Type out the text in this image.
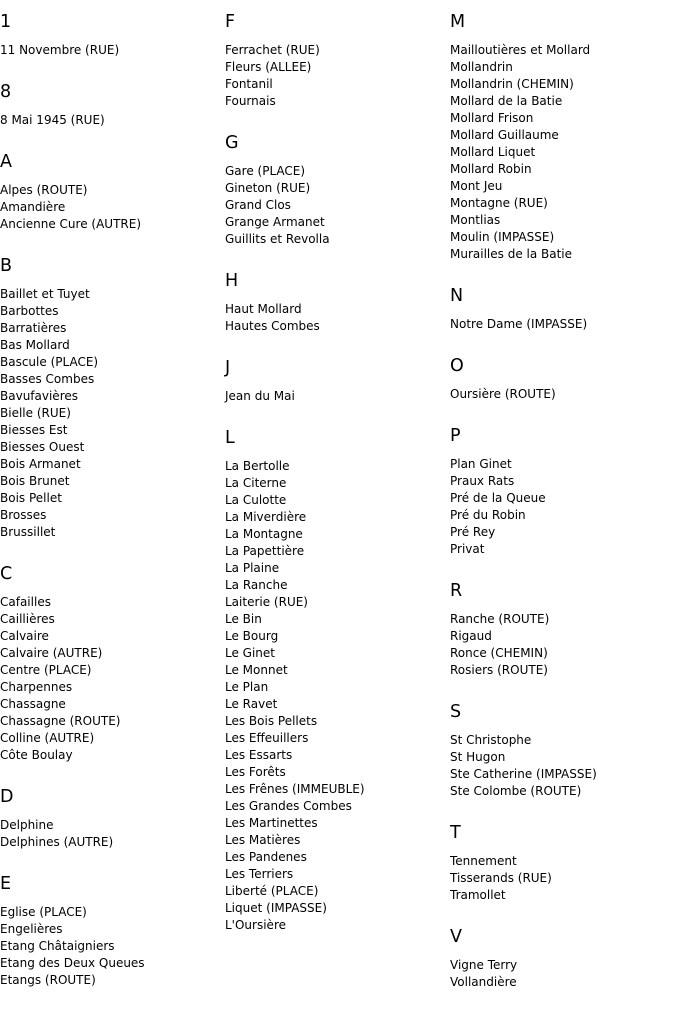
1
11 Novembre (RUE)
8
8 Mai 1945 (RUE)
A
Alpes (ROUTE)
Amandière
Ancienne Cure (AUTRE)
B
Baillet et Tuyet
Barbottes
Barratières
Bas Mollard
Bascule (PLACE)
Basses Combes
Bavufavières
Bielle (RUE)
Biesses Est
Biesses Ouest
Bois Armanet
Bois Brunet
Bois Pellet
Brosses
Brussillet
C
Cafailles
Caillières
Calvaire
Calvaire (AUTRE)
Centre (PLACE)
Charpennes
Chassagne
Chassagne (ROUTE)
Colline (AUTRE)
Côte Boulay
D
Delphine
Delphines (AUTRE)
E
Eglise (PLACE)
Engelières
Etang Châtaigniers
Etang des Deux Queues
Etangs (ROUTE)
F
Ferrachet (RUE)
Fleurs (ALLEE)
Fontanil
Fournais
G
Gare (PLACE)
Gineton (RUE)
Grand Clos
Grange Armanet
Guillits et Revolla
H
Haut Mollard
Hautes Combes
J
Jean du Mai
L
La Bertolle
La Citerne
La Culotte
La Miverdière
La Montagne
La Papettière
La Plaine
La Ranche
Laiterie (RUE)
Le Bin
Le Bourg
Le Ginet
Le Monnet
Le Plan
Le Ravet
Les Bois Pellets
Les Effeuillers
Les Essarts
Les Forêts
Les Frênes (IMMEUBLE)
Les Grandes Combes
Les Martinettes
Les Matières
Les Pandenes
Les Terriers
Liberté (PLACE)
Liquet (IMPASSE)
L'Oursière
M
Mailloutières et Mollard
Mollandrin
Mollandrin (CHEMIN)
Mollard de la Batie
Mollard Frison
Mollard Guillaume
Mollard Liquet
Mollard Robin
Mont Jeu
Montagne (RUE)
Montlias
Moulin (IMPASSE)
Murailles de la Batie
N
Notre Dame (IMPASSE)
O
Oursière (ROUTE)
P
Plan Ginet
Praux Rats
Pré de la Queue
Pré du Robin
Pré Rey
Privat
R
Ranche (ROUTE)
Rigaud
Ronce (CHEMIN)
Rosiers (ROUTE)
S
St Christophe
St Hugon
Ste Catherine (IMPASSE)
Ste Colombe (ROUTE)
T
Tennement
Tisserands (RUE)
Tramollet
V
Vigne Terry
Vollandière
